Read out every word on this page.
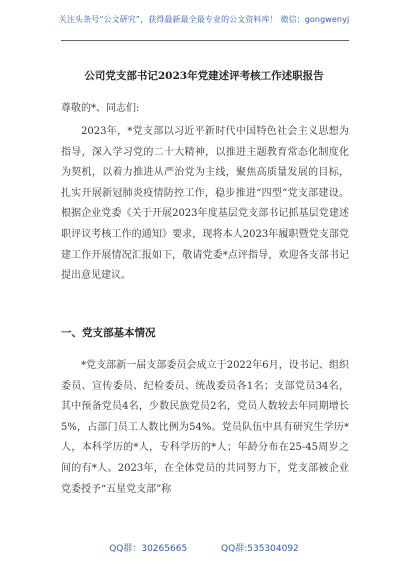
关注头条号“公文研究”，获得最新最全最专业的公文资料库！ 微信：gongwenyj
公司党支部书记2023年党建述评考核工作述职报告
尊敬的*、同志们:

2023年，*党支部以习近平新时代中国特色社会主义思想为指导，深入学习党的二十大精神，以推进主题教育常态化制度化为契机，以着力推进从严治党为主线，聚焦高质量发展的目标，扎实开展新冠肺炎疫情防控工作，稳步推进“四型”党支部建设。根据企业党委《关于开展2023年度基层党支部书记抓基层党建述职评议考核工作的通知》要求，现将本人2023年履职暨党支部党建工作开展情况汇报如下，敬请党委*点评指导，欢迎各支部书记提出意见建议。

一、党支部基本情况

*党支部新一届支部委员会成立于2022年6月，设书记、组织委员、宣传委员、纪检委员、统战委员各1名；支部党员34名，其中预备党员4名，少数民族党员2名，党员人数较去年同期增长5%，占部门员工人数比例为54%。党员队伍中具有研究生学历*人，本科学历的*人，专科学历的*人；年龄分布在25-45周岁之间的有*人。2023年，在全体党员的共同努力下，党支部被企业党委授予“五星党支部”称

QQ群：30265665	QQ群:535304092
